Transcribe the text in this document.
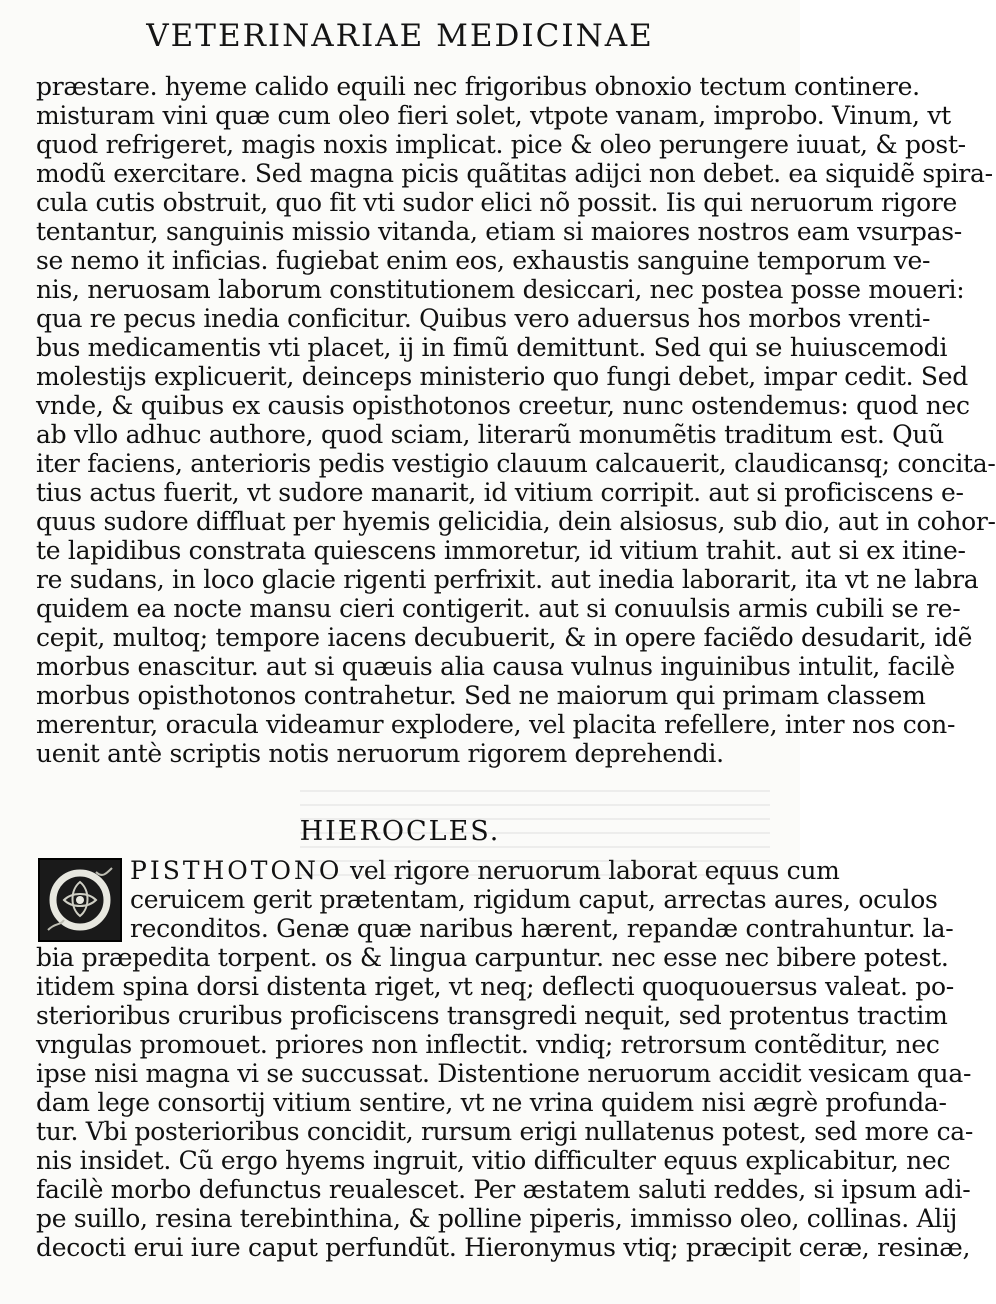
VETERINARIAE MEDICINAE
præstare. hyeme calido equili nec frigoribus obnoxio tectum continere.
misturam vini quæ cum oleo fieri solet, vtpote vanam, improbo. Vinum, vt
quod refrigeret, magis noxis implicat. pice & oleo perungere iuuat, & post-
modũ exercitare. Sed magna picis quãtitas adijci non debet. ea siquidẽ spira-
cula cutis obstruit, quo fit vti sudor elici nõ possit. Iis qui neruorum rigore
tentantur, sanguinis missio vitanda, etiam si maiores nostros eam vsurpas-
se nemo it inficias. fugiebat enim eos, exhaustis sanguine temporum ve-
nis, neruosam laborum constitutionem desiccari, nec postea posse moueri:
qua re pecus inedia conficitur. Quibus vero aduersus hos morbos vrenti-
bus medicamentis vti placet, ij in fimũ demittunt. Sed qui se huiuscemodi
molestijs explicuerit, deinceps ministerio quo fungi debet, impar cedit. Sed
vnde, & quibus ex causis opisthotonos creetur, nunc ostendemus: quod nec
ab vllo adhuc authore, quod sciam, literarũ monumẽtis traditum est. Quũ
iter faciens, anterioris pedis vestigio clauum calcauerit, claudicansq; concita-
tius actus fuerit, vt sudore manarit, id vitium corripit. aut si proficiscens e-
quus sudore diffluat per hyemis gelicidia, dein alsiosus, sub dio, aut in cohor-
te lapidibus constrata quiescens immoretur, id vitium trahit. aut si ex itine-
re sudans, in loco glacie rigenti perfrixit. aut inedia laborarit, ita vt ne labra
quidem ea nocte mansu cieri contigerit. aut si conuulsis armis cubili se re-
cepit, multoq; tempore iacens decubuerit, & in opere faciẽdo desudarit, idẽ
morbus enascitur. aut si quæuis alia causa vulnus inguinibus intulit, facilè
morbus opisthotonos contrahetur. Sed ne maiorum qui primam classem
merentur, oracula videamur explodere, vel placita refellere, inter nos con-
uenit antè scriptis notis neruorum rigorem deprehendi.
HIEROCLES.
PISTHOTONO vel rigore neruorum laborat equus cum
ceruicem gerit prætentam, rigidum caput, arrectas aures, oculos
reconditos. Genæ quæ naribus hærent, repandæ contrahuntur. la-
bia præpedita torpent. os & lingua carpuntur. nec esse nec bibere potest.
itidem spina dorsi distenta riget, vt neq; deflecti quoquouersus valeat. po-
sterioribus cruribus proficiscens transgredi nequit, sed protentus tractim
vngulas promouet. priores non inflectit. vndiq; retrorsum contẽditur, nec
ipse nisi magna vi se succussat. Distentione neruorum accidit vesicam qua-
dam lege consortij vitium sentire, vt ne vrina quidem nisi ægrè profunda-
tur. Vbi posterioribus concidit, rursum erigi nullatenus potest, sed more ca-
nis insidet. Cũ ergo hyems ingruit, vitio difficulter equus explicabitur, nec
facilè morbo defunctus reualescet. Per æstatem saluti reddes, si ipsum adi-
pe suillo, resina terebinthina, & polline piperis, immisso oleo, collinas. Alij
decocti erui iure caput perfundũt. Hieronymus vtiq; præcipit ceræ, resinæ,
